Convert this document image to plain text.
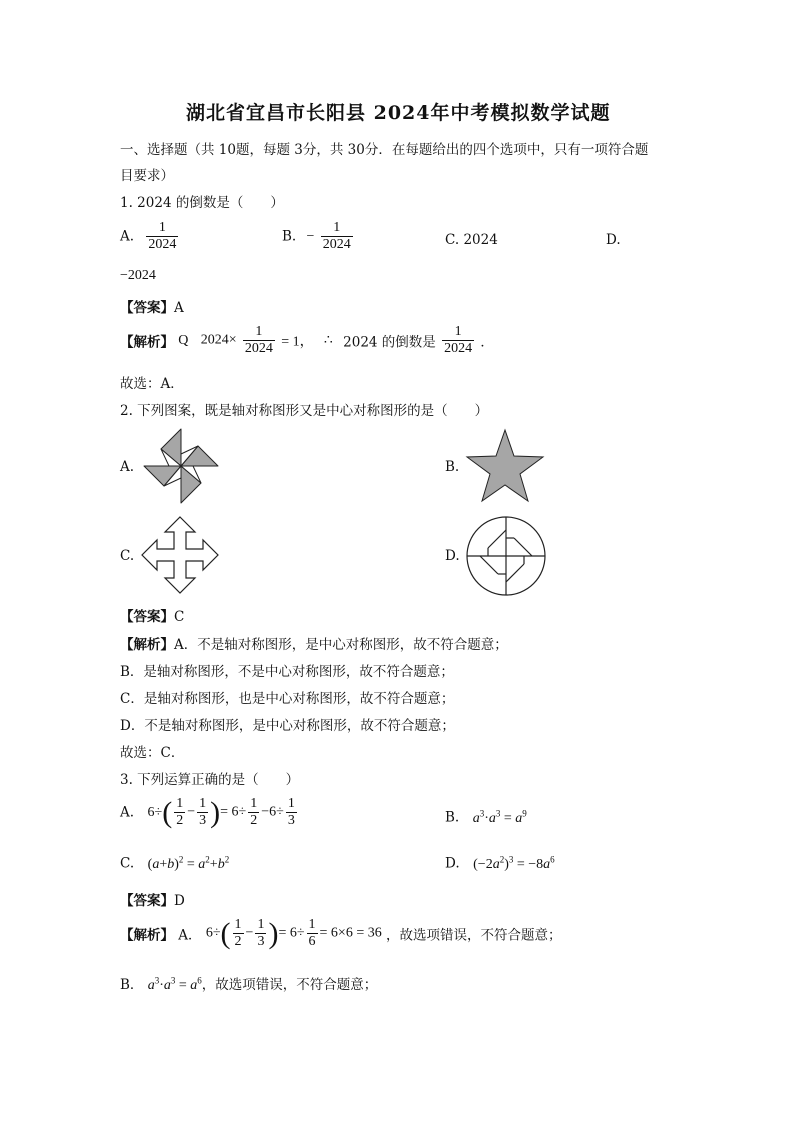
湖北省宜昌市长阳县 2024年中考模拟数学试题
一、选择题（共 10题，每题 3分，共 30分．在每题给出的四个选项中，只有一项符合题
目要求）
1. 2024 的倒数是（　　）
A. $\frac{1}{2024}$	B. − $\frac{1}{2024}$	C. 2024	D.
−2024
【答案】A
【解析】 Q $2024\times \frac{1}{2024} = 1$， ∴ 2024 的倒数是 $\frac{1}{2024}$ ．
故选：A．
2. 下列图案，既是轴对称图形又是中心对称图形的是（　　）
A.	B.
C.	D.
【答案】C
【解析】A．不是轴对称图形，是中心对称图形，故不符合题意；
B．是轴对称图形，不是中心对称图形，故不符合题意；
C．是轴对称图形，也是中心对称图形，故不符合题意；
D．不是轴对称图形，是中心对称图形，故不符合题意；
故选：C．
3. 下列运算正确的是（　　）
A. $6\div( \frac{1}{2} - \frac{1}{3}$ )= $6\div \frac{1}{2} -6\div \frac{1}{3}$	B. $a^3\cdot a^3 = a^9$
C. $(a+b)^2 = a^2+b^2$	D. $(-2a^2)^3 = -8a^6$
【答案】D
【解析】 A． $6\div( \frac{1}{2} - \frac{1}{3}$ )= $6\div \frac{1}{6} = 6\times 6 = 36$ ，故选项错误，不符合题意；
B． $a^3\cdot a^3 = a^6$，故选项错误，不符合题意；
